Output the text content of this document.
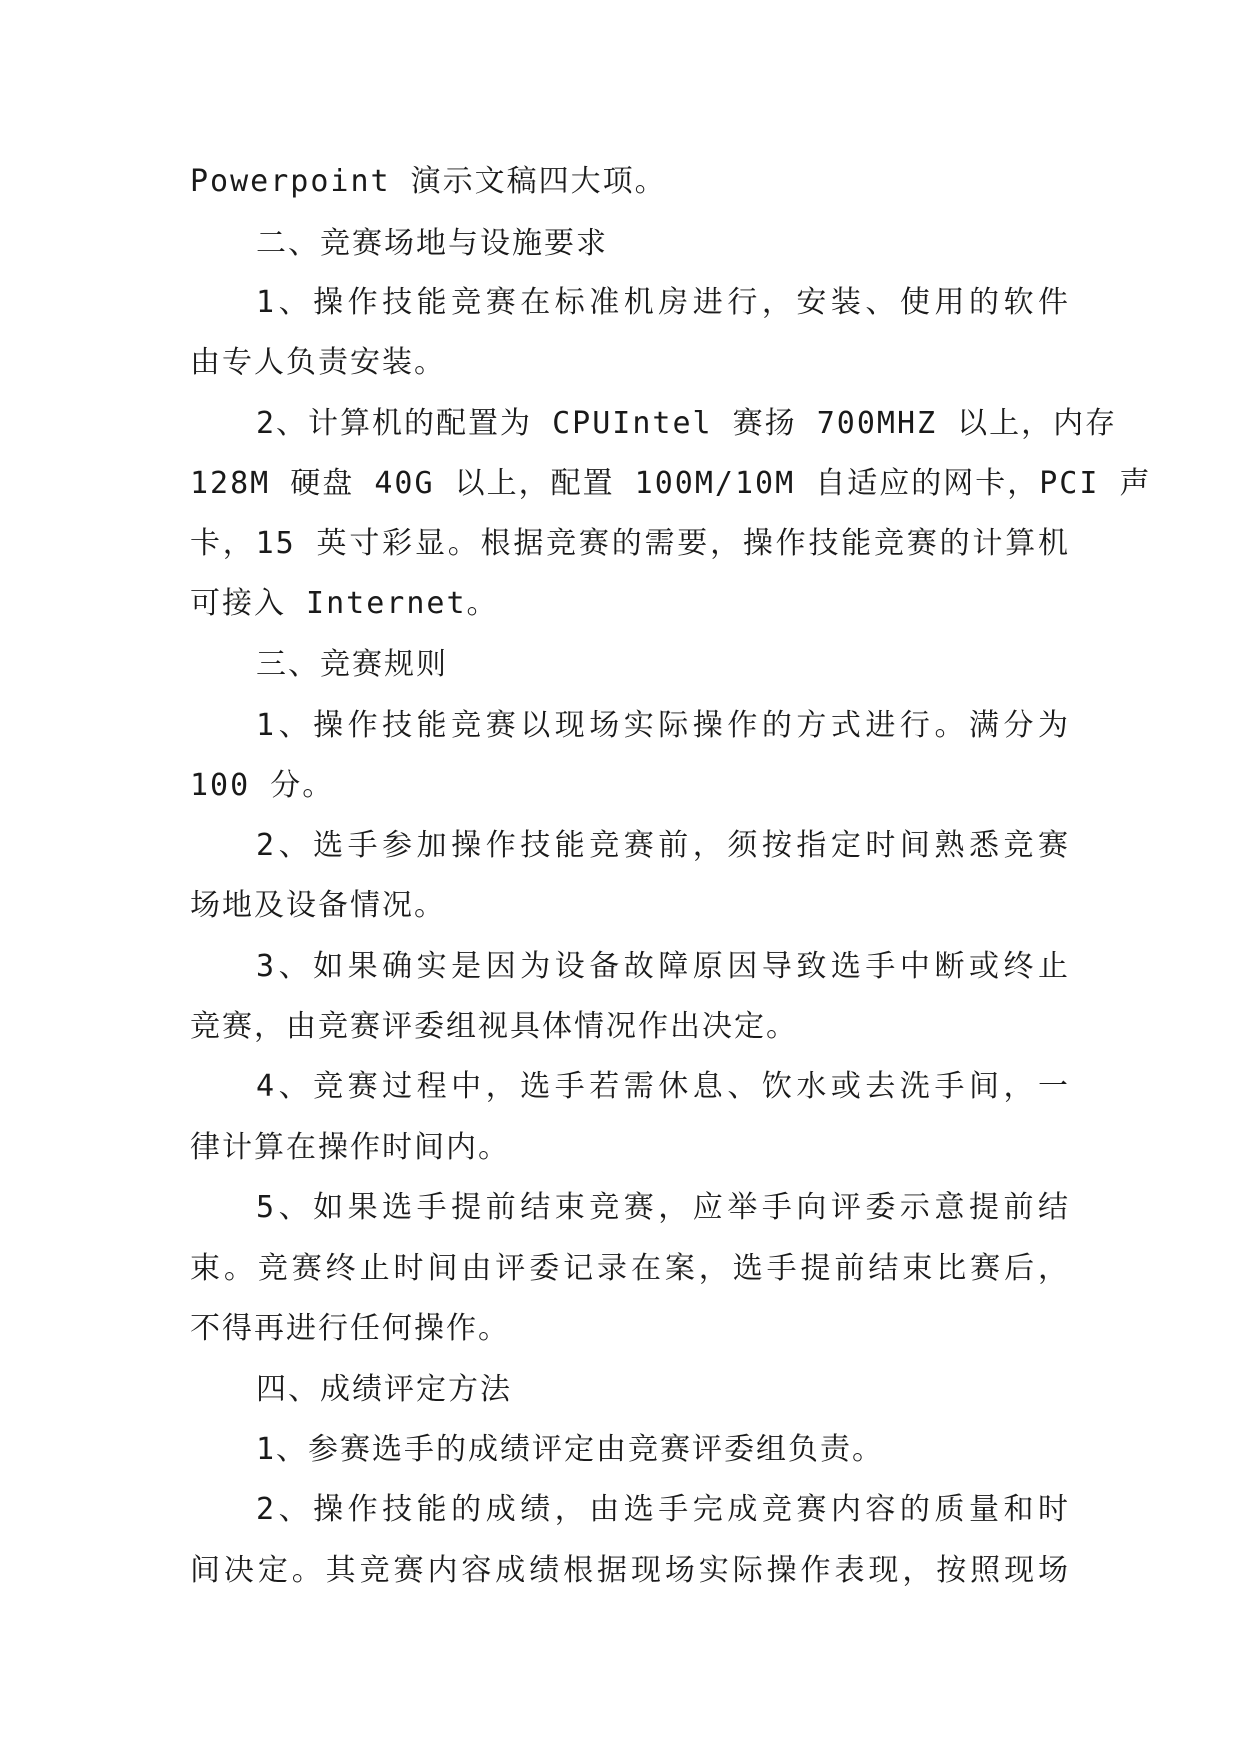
Powerpoint 演示文稿四大项。
二、竞赛场地与设施要求
1、操作技能竞赛在标准机房进行，安装、使用的软件
由专人负责安装。
2、计算机的配置为 CPUIntel 赛扬 700MHZ 以上，内存
128M 硬盘 40G 以上，配置 100M/10M 自适应的网卡，PCI 声
卡，15 英寸彩显。根据竞赛的需要，操作技能竞赛的计算机
可接入 Internet。
三、竞赛规则
1、操作技能竞赛以现场实际操作的方式进行。满分为
100 分。
2、选手参加操作技能竞赛前，须按指定时间熟悉竞赛
场地及设备情况。
3、如果确实是因为设备故障原因导致选手中断或终止
竞赛，由竞赛评委组视具体情况作出决定。
4、竞赛过程中，选手若需休息、饮水或去洗手间，一
律计算在操作时间内。
5、如果选手提前结束竞赛，应举手向评委示意提前结
束。竞赛终止时间由评委记录在案，选手提前结束比赛后，
不得再进行任何操作。
四、成绩评定方法
1、参赛选手的成绩评定由竞赛评委组负责。
2、操作技能的成绩，由选手完成竞赛内容的质量和时
间决定。其竞赛内容成绩根据现场实际操作表现，按照现场
